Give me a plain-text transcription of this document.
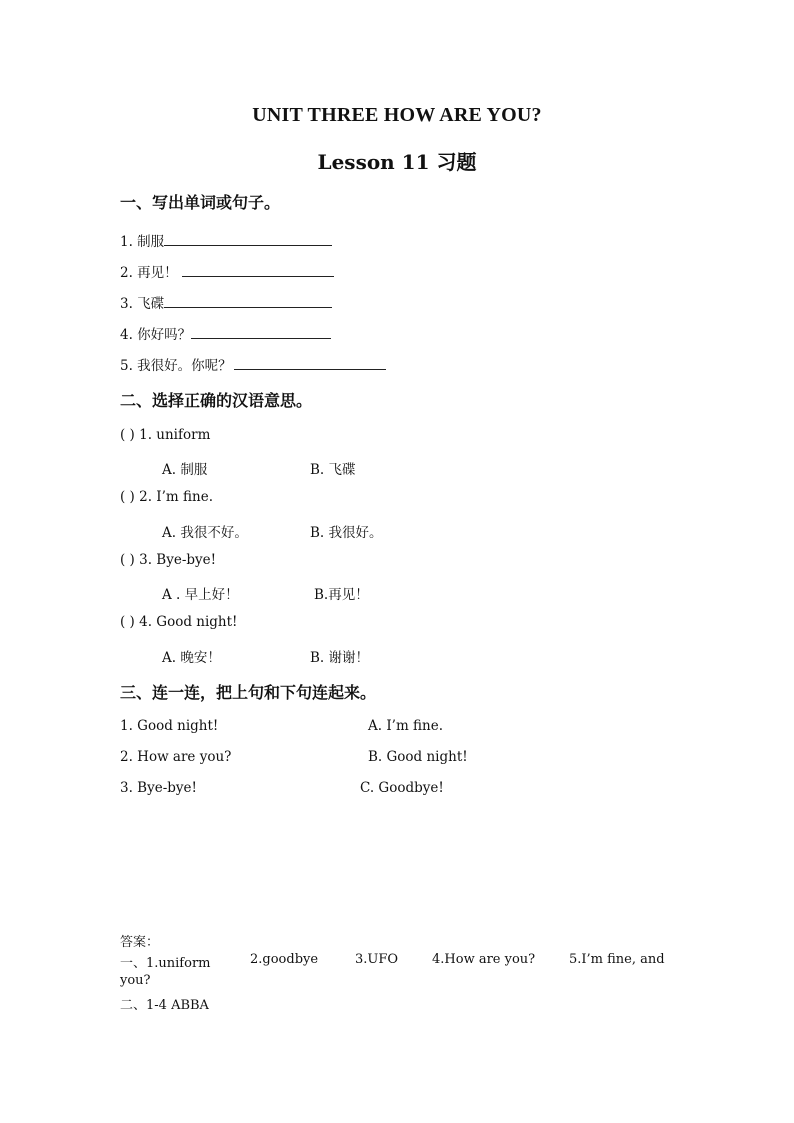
UNIT THREE HOW ARE YOU?
Lesson 11 习题
一、写出单词或句子。
1. 制服
2. 再见！
3. 飞碟
4. 你好吗？
5. 我很好。你呢？
二、选择正确的汉语意思。
( ) 1. uniform
A. 制服	B. 飞碟
( ) 2. I’m fine.
A. 我很不好。	B. 我很好。
( ) 3. Bye-bye!
A . 早上好！	B.再见！
( ) 4. Good night!
A. 晚安！	B. 谢谢！
三、连一连，把上句和下句连起来。
1. Good night!	A. I’m fine.
2. How are you?	B. Good night!
3. Bye-bye!	C. Goodbye!
答案：
一、1.uniform	2.goodbye	3.UFO	4.How are you?	5.I’m fine, and
you?
二、1-4 ABBA
